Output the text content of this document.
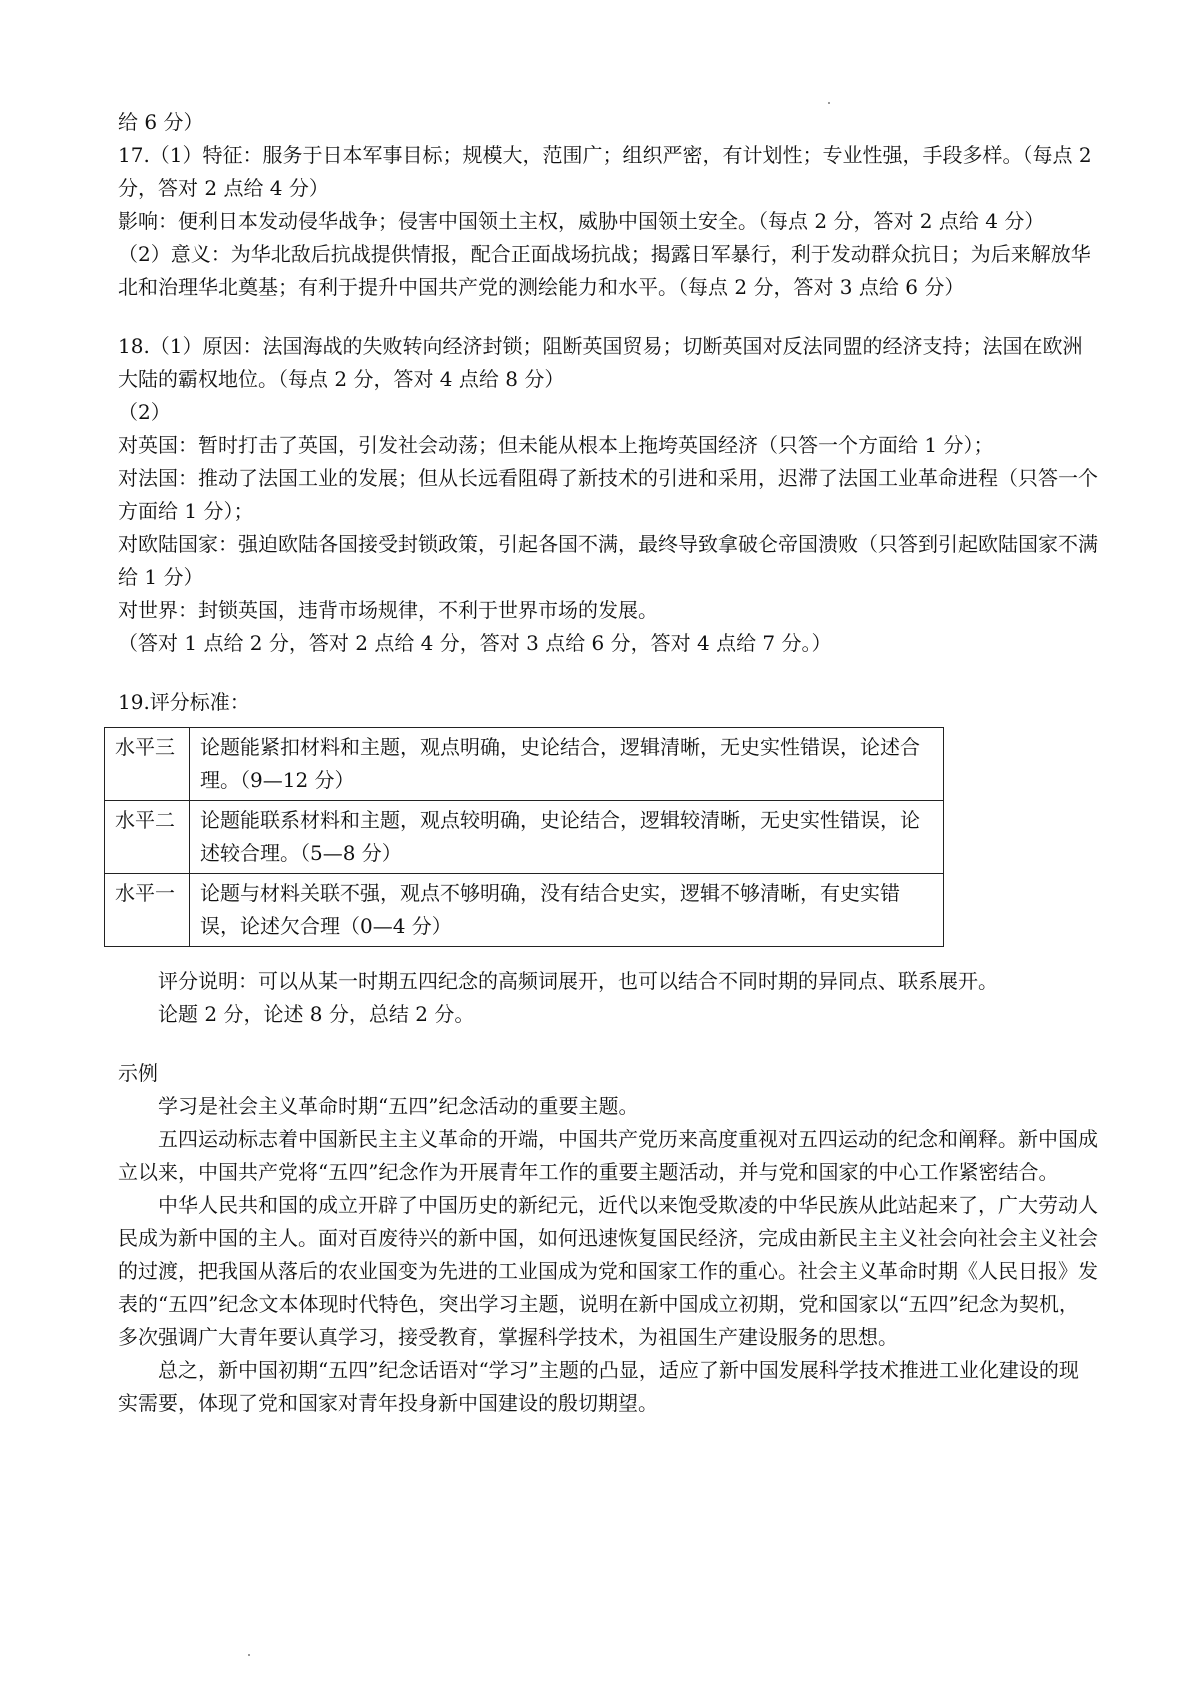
给 6 分）

17.（1）特征：服务于日本军事目标；规模大，范围广；组织严密，有计划性；专业性强，手段多样。（每点 2 分，答对 2 点给 4 分）

影响：便利日本发动侵华战争；侵害中国领土主权，威胁中国领土安全。（每点 2 分，答对 2 点给 4 分）

（2）意义：为华北敌后抗战提供情报，配合正面战场抗战；揭露日军暴行，利于发动群众抗日；为后来解放华北和治理华北奠基；有利于提升中国共产党的测绘能力和水平。（每点 2 分，答对 3 点给 6 分）

18.（1）原因：法国海战的失败转向经济封锁；阻断英国贸易；切断英国对反法同盟的经济支持；法国在欧洲大陆的霸权地位。（每点 2 分，答对 4 点给 8 分）

（2）

对英国：暂时打击了英国，引发社会动荡；但未能从根本上拖垮英国经济（只答一个方面给 1 分）；

对法国：推动了法国工业的发展；但从长远看阻碍了新技术的引进和采用，迟滞了法国工业革命进程（只答一个方面给 1 分）；

对欧陆国家：强迫欧陆各国接受封锁政策，引起各国不满，最终导致拿破仑帝国溃败（只答到引起欧陆国家不满给 1 分）

对世界：封锁英国，违背市场规律，不利于世界市场的发展。

（答对 1 点给 2 分，答对 2 点给 4 分，答对 3 点给 6 分，答对 4 点给 7 分。）

19.评分标准：

水平三	论题能紧扣材料和主题，观点明确，史论结合，逻辑清晰，无史实性错误，论述合理。（9—12 分）
水平二	论题能联系材料和主题，观点较明确，史论结合，逻辑较清晰，无史实性错误，论述较合理。（5—8 分）
水平一	论题与材料关联不强，观点不够明确，没有结合史实，逻辑不够清晰，有史实错误，论述欠合理（0—4 分）

评分说明：可以从某一时期五四纪念的高频词展开，也可以结合不同时期的异同点、联系展开。

论题 2 分，论述 8 分，总结 2 分。

示例

学习是社会主义革命时期“五四”纪念活动的重要主题。

五四运动标志着中国新民主主义革命的开端，中国共产党历来高度重视对五四运动的纪念和阐释。新中国成立以来，中国共产党将“五四”纪念作为开展青年工作的重要主题活动，并与党和国家的中心工作紧密结合。

中华人民共和国的成立开辟了中国历史的新纪元，近代以来饱受欺凌的中华民族从此站起来了，广大劳动人民成为新中国的主人。面对百废待兴的新中国，如何迅速恢复国民经济，完成由新民主主义社会向社会主义社会的过渡，把我国从落后的农业国变为先进的工业国成为党和国家工作的重心。社会主义革命时期《人民日报》发表的“五四”纪念文本体现时代特色，突出学习主题，说明在新中国成立初期，党和国家以“五四”纪念为契机，多次强调广大青年要认真学习，接受教育，掌握科学技术，为祖国生产建设服务的思想。

总之，新中国初期“五四”纪念话语对“学习”主题的凸显，适应了新中国发展科学技术推进工业化建设的现实需要，体现了党和国家对青年投身新中国建设的殷切期望。
